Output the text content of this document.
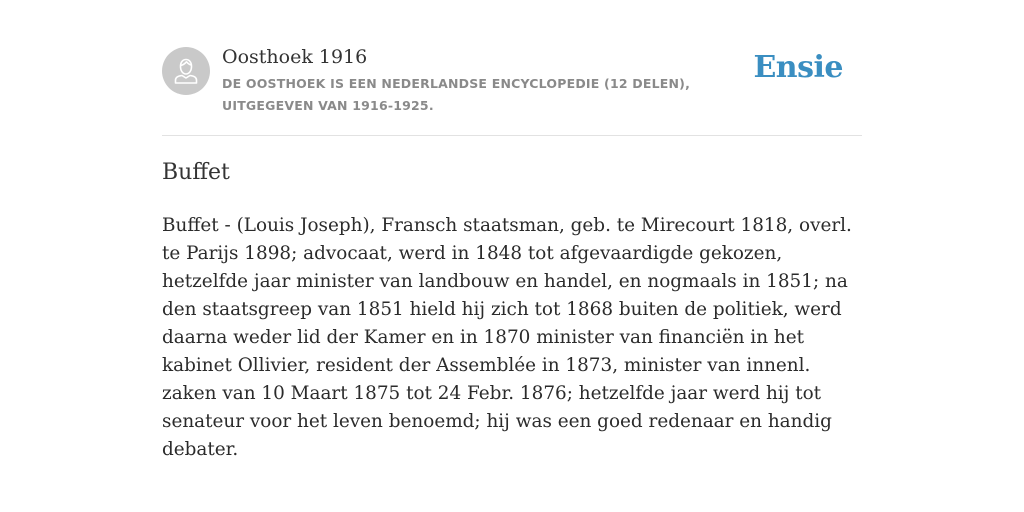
Oosthoek 1916
DE OOSTHOEK IS EEN NEDERLANDSE ENCYCLOPEDIE (12 DELEN), UITGEGEVEN VAN 1916-1925.
Ensie
Buffet

Buffet - (Louis Joseph), Fransch staatsman, geb. te Mirecourt 1818, overl. te Parijs 1898; advocaat, werd in 1848 tot afgevaardigde gekozen, hetzelfde jaar minister van landbouw en handel, en nogmaals in 1851; na den staatsgreep van 1851 hield hij zich tot 1868 buiten de politiek, werd daarna weder lid der Kamer en in 1870 minister van financiën in het kabinet Ollivier, resident der Assemblée in 1873, minister van innenl. zaken van 10 Maart 1875 tot 24 Febr. 1876; hetzelfde jaar werd hij tot senateur voor het leven benoemd; hij was een goed redenaar en handig debater.
